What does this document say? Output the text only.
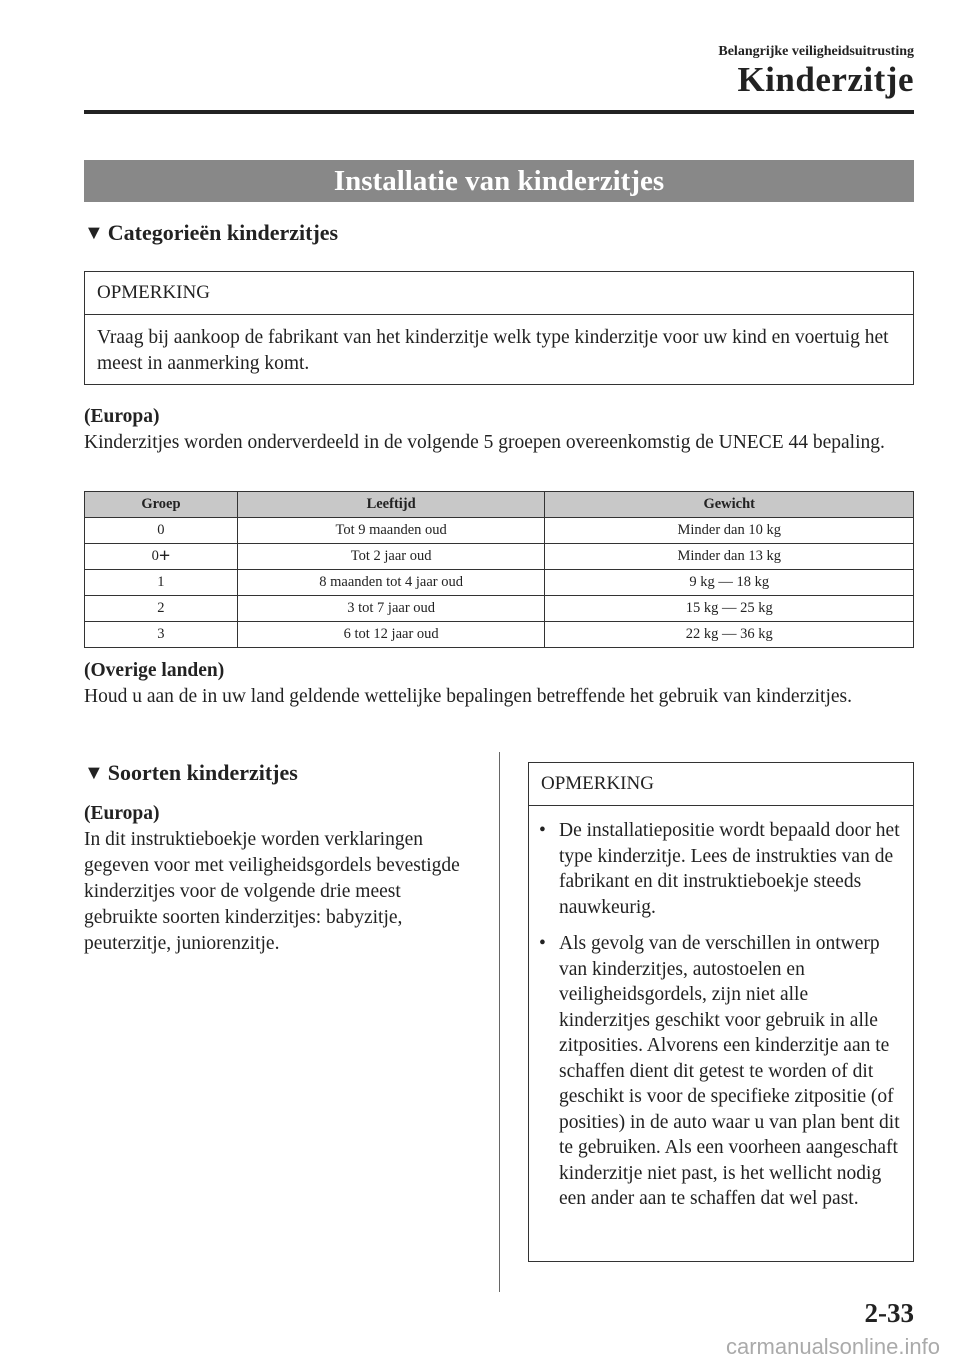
Belangrijke veiligheidsuitrusting
Kinderzitje
Installatie van kinderzitjes
▼ Categorieën kinderzitjes
OPMERKING
Vraag bij aankoop de fabrikant van het kinderzitje welk type kinderzitje voor uw kind en voertuig het meest in aanmerking komt.
(Europa)
Kinderzitjes worden onderverdeeld in de volgende 5 groepen overeenkomstig de UNECE 44 bepaling.
Groep	Leeftijd	Gewicht
0	Tot 9 maanden oud	Minder dan 10 kg
0+	Tot 2 jaar oud	Minder dan 13 kg
1	8 maanden tot 4 jaar oud	9 kg ― 18 kg
2	3 tot 7 jaar oud	15 kg ― 25 kg
3	6 tot 12 jaar oud	22 kg ― 36 kg
(Overige landen)
Houd u aan de in uw land geldende wettelijke bepalingen betreffende het gebruik van kinderzitjes.
▼ Soorten kinderzitjes
(Europa)
In dit instruktieboekje worden verklaringen gegeven voor met veiligheidsgordels bevestigde kinderzitjes voor de volgende drie meest gebruikte soorten kinderzitjes: babyzitje, peuterzitje, juniorenzitje.
OPMERKING
• De installatiepositie wordt bepaald door het type kinderzitje. Lees de instrukties van de fabrikant en dit instruktieboekje steeds nauwkeurig.
• Als gevolg van de verschillen in ontwerp van kinderzitjes, autostoelen en veiligheidsgordels, zijn niet alle kinderzitjes geschikt voor gebruik in alle zitposities. Alvorens een kinderzitje aan te schaffen dient dit getest te worden of dit geschikt is voor de specifieke zitpositie (of posities) in de auto waar u van plan bent dit te gebruiken. Als een voorheen aangeschaft kinderzitje niet past, is het wellicht nodig een ander aan te schaffen dat wel past.
2-33
carmanualsonline.info
